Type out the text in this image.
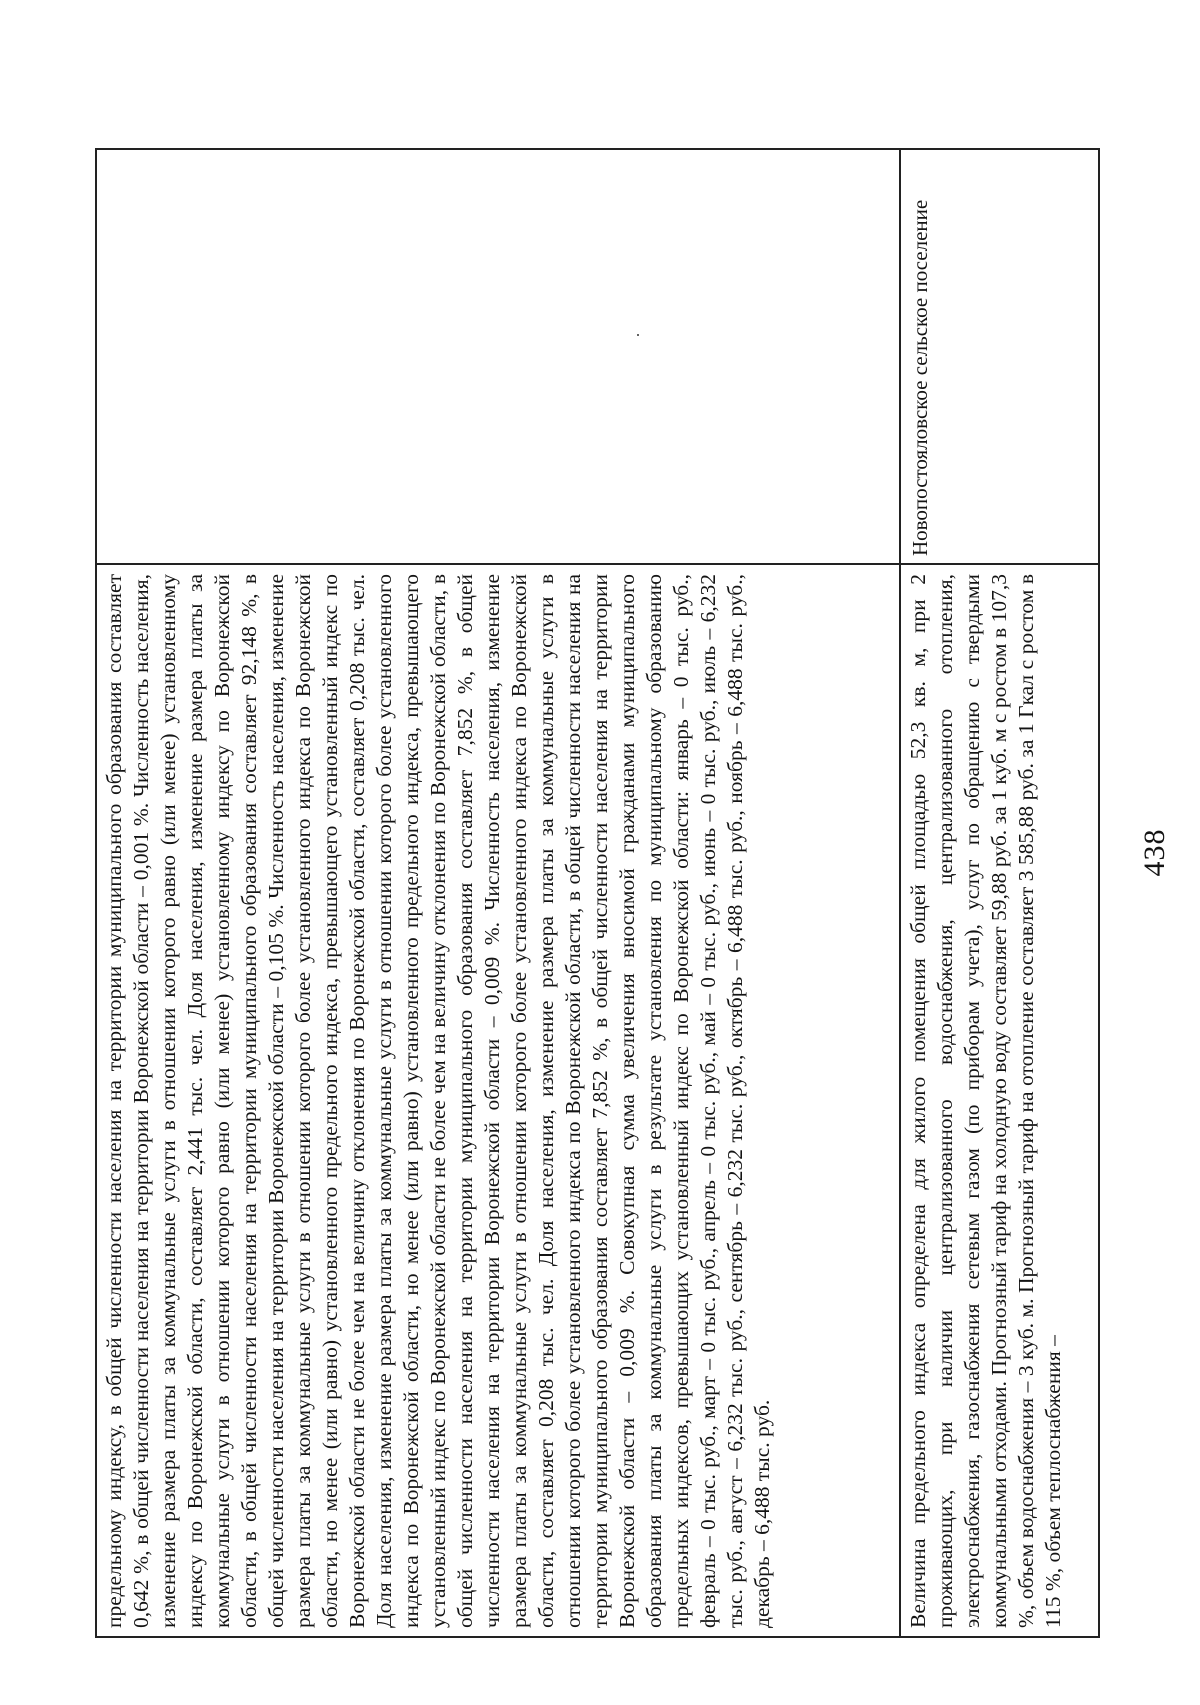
438
предельному индексу, в общей численности населения на территории муниципального образования составляет 0,642 %, в общей численности населения на территории Воронежской области – 0,001 %. Численность населения, изменение размера платы за коммунальные услуги в отношении которого равно (или менее) установленному индексу по Воронежской области, составляет 2,441 тыс. чел. Доля населения, изменение размера платы за коммунальные услуги в отношении которого равно (или менее) установленному индексу по Воронежской области, в общей численности населения на территории муниципального образования составляет 92,148 %, в общей численности населения на территории Воронежской области – 0,105 %. Численность населения, изменение размера платы за коммунальные услуги в отношении которого более установленного индекса по Воронежской области, но менее (или равно) установленного предельного индекса, превышающего установленный индекс по Воронежской области не более чем на величину отклонения по Воронежской области, составляет 0,208 тыс. чел. Доля населения, изменение размера платы за коммунальные услуги в отношении которого более установленного индекса по Воронежской области, но менее (или равно) установленного предельного индекса, превышающего установленный индекс по Воронежской области не более чем на величину отклонения по Воронежской области, в общей численности населения на территории муниципального образования составляет 7,852 %, в общей численности населения на территории Воронежской области – 0,009 %. Численность населения, изменение размера платы за коммунальные услуги в отношении которого более установленного индекса по Воронежской области, составляет 0,208 тыс. чел. Доля населения, изменение размера платы за коммунальные услуги в отношении которого более установленного индекса по Воронежской области, в общей численности населения на территории муниципального образования составляет 7,852 %, в общей численности населения на территории Воронежской области – 0,009 %. Совокупная сумма увеличения вносимой гражданами муниципального образования платы за коммунальные услуги в результате установления по муниципальному образованию предельных индексов, превышающих установленный индекс по Воронежской области: январь – 0 тыс. руб., февраль – 0 тыс. руб., март – 0 тыс. руб., апрель – 0 тыс. руб., май – 0 тыс. руб., июнь – 0 тыс. руб., июль – 6,232 тыс. руб., август – 6,232 тыс. руб., сентябрь – 6,232 тыс. руб., октябрь – 6,488 тыс. руб., ноябрь – 6,488 тыс. руб., декабрь – 6,488 тыс. руб.
Новопостояловское сельское поселение
Величина предельного индекса определена для жилого помещения общей площадью 52,3 кв. м, при 2 проживающих, при наличии централизованного водоснабжения, централизованного отопления, электроснабжения, газоснабжения сетевым газом (по приборам учета), услуг по обращению с твердыми коммунальными отходами. Прогнозный тариф на холодную воду составляет 59,88 руб. за 1 куб. м с ростом в 107,3 %, объем водоснабжения – 3 куб. м. Прогнозный тариф на отопление составляет 3 585,88 руб. за 1 Гкал с ростом в 115 %, объем теплоснабжения –
